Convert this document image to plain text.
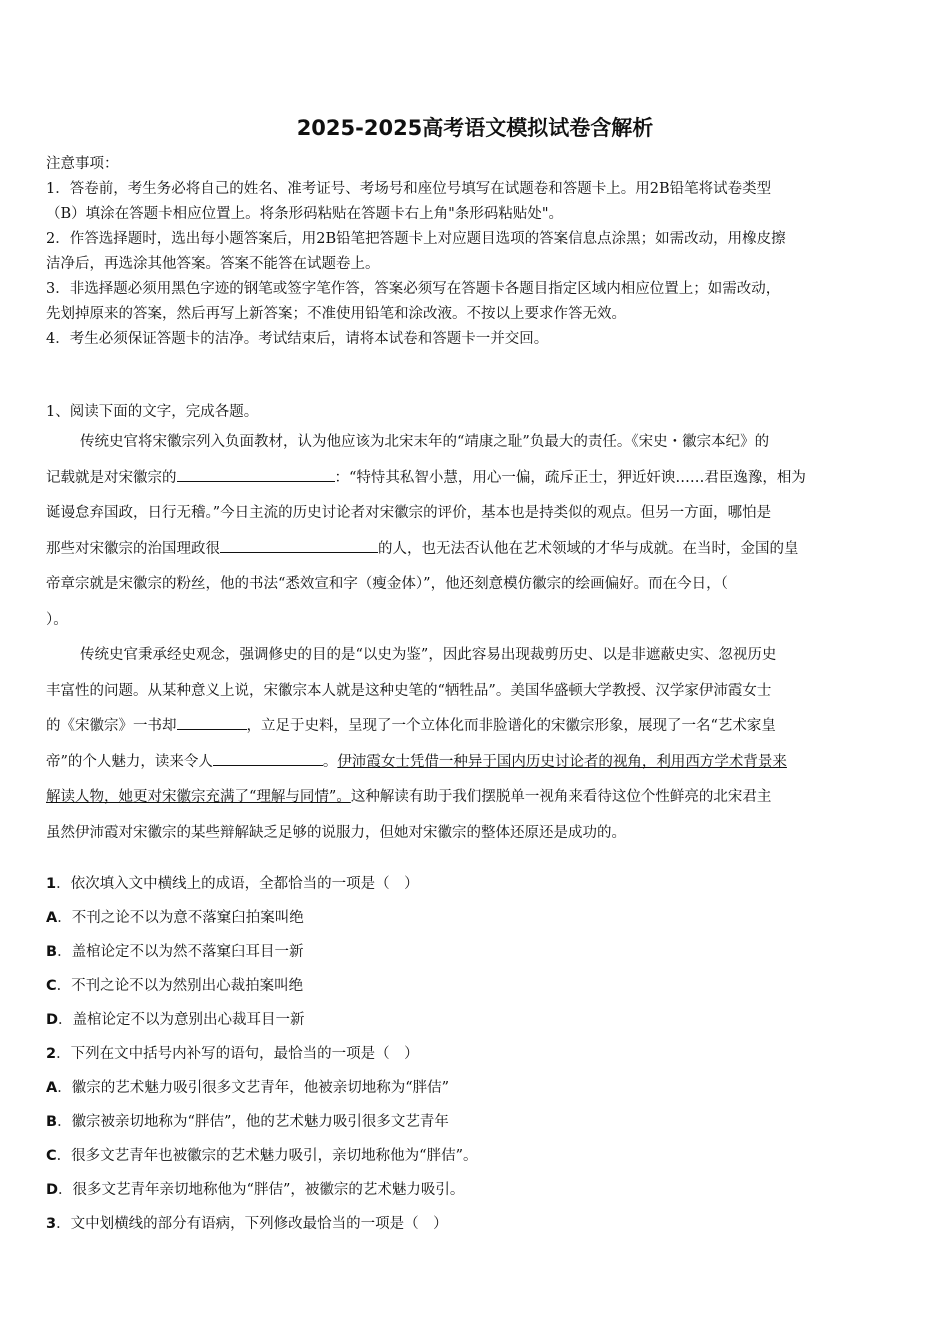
2025-2025高考语文模拟试卷含解析
注意事项：
1．答卷前，考生务必将自己的姓名、准考证号、考场号和座位号填写在试题卷和答题卡上。用2B铅笔将试卷类型
（B）填涂在答题卡相应位置上。将条形码粘贴在答题卡右上角"条形码粘贴处"。
2．作答选择题时，选出每小题答案后，用2B铅笔把答题卡上对应题目选项的答案信息点涂黑；如需改动，用橡皮擦
洁净后，再选涂其他答案。答案不能答在试题卷上。
3．非选择题必须用黑色字迹的钢笔或签字笔作答，答案必须写在答题卡各题目指定区域内相应位置上；如需改动，
先划掉原来的答案，然后再写上新答案；不准使用铅笔和涂改液。不按以上要求作答无效。
4．考生必须保证答题卡的洁净。考试结束后，请将本试卷和答题卡一并交回。
1、阅读下面的文字，完成各题。
传统史官将宋徽宗列入负面教材，认为他应该为北宋末年的“靖康之耻”负最大的责任。《宋史・徽宗本纪》的
记载就是对宋徽宗的	：“特恃其私智小慧，用心一偏，疏斥正士，狎近奸谀……君臣逸豫，相为
诞谩怠弃国政，日行无稽。”今日主流的历史讨论者对宋徽宗的评价，基本也是持类似的观点。但另一方面，哪怕是
那些对宋徽宗的治国理政很	的人，也无法否认他在艺术领域的才华与成就。在当时，金国的皇
帝章宗就是宋徽宗的粉丝，他的书法“悉效宣和字（瘦金体）”，他还刻意模仿徽宗的绘画偏好。而在今日，（
）。
传统史官秉承经史观念，强调修史的目的是“以史为鉴”，因此容易出现裁剪历史、以是非遮蔽史实、忽视历史
丰富性的问题。从某种意义上说，宋徽宗本人就是这种史笔的“牺牲品”。美国华盛顿大学教授、汉学家伊沛霞女士
的《宋徽宗》一书却	，立足于史料，呈现了一个立体化而非脸谱化的宋徽宗形象，展现了一名“艺术家皇
帝”的个人魅力，读来令人	。伊沛霞女士凭借一种异于国内历史讨论者的视角，利用西方学术背景来
解读人物，她更对宋徽宗充满了“理解与同情”。这种解读有助于我们摆脱单一视角来看待这位个性鲜亮的北宋君主
虽然伊沛霞对宋徽宗的某些辩解缺乏足够的说服力，但她对宋徽宗的整体还原还是成功的。
1．依次填入文中横线上的成语，全都恰当的一项是（　）
A．不刊之论不以为意不落窠臼拍案叫绝
B．盖棺论定不以为然不落窠臼耳目一新
C．不刊之论不以为然别出心裁拍案叫绝
D．盖棺论定不以为意别出心裁耳目一新
2．下列在文中括号内补写的语句，最恰当的一项是（　）
A．徽宗的艺术魅力吸引很多文艺青年，他被亲切地称为“胖佶”
B．徽宗被亲切地称为“胖佶”，他的艺术魅力吸引很多文艺青年
C．很多文艺青年也被徽宗的艺术魅力吸引，亲切地称他为“胖佶”。
D．很多文艺青年亲切地称他为“胖佶”，被徽宗的艺术魅力吸引。
3．文中划横线的部分有语病，下列修改最恰当的一项是（　）
